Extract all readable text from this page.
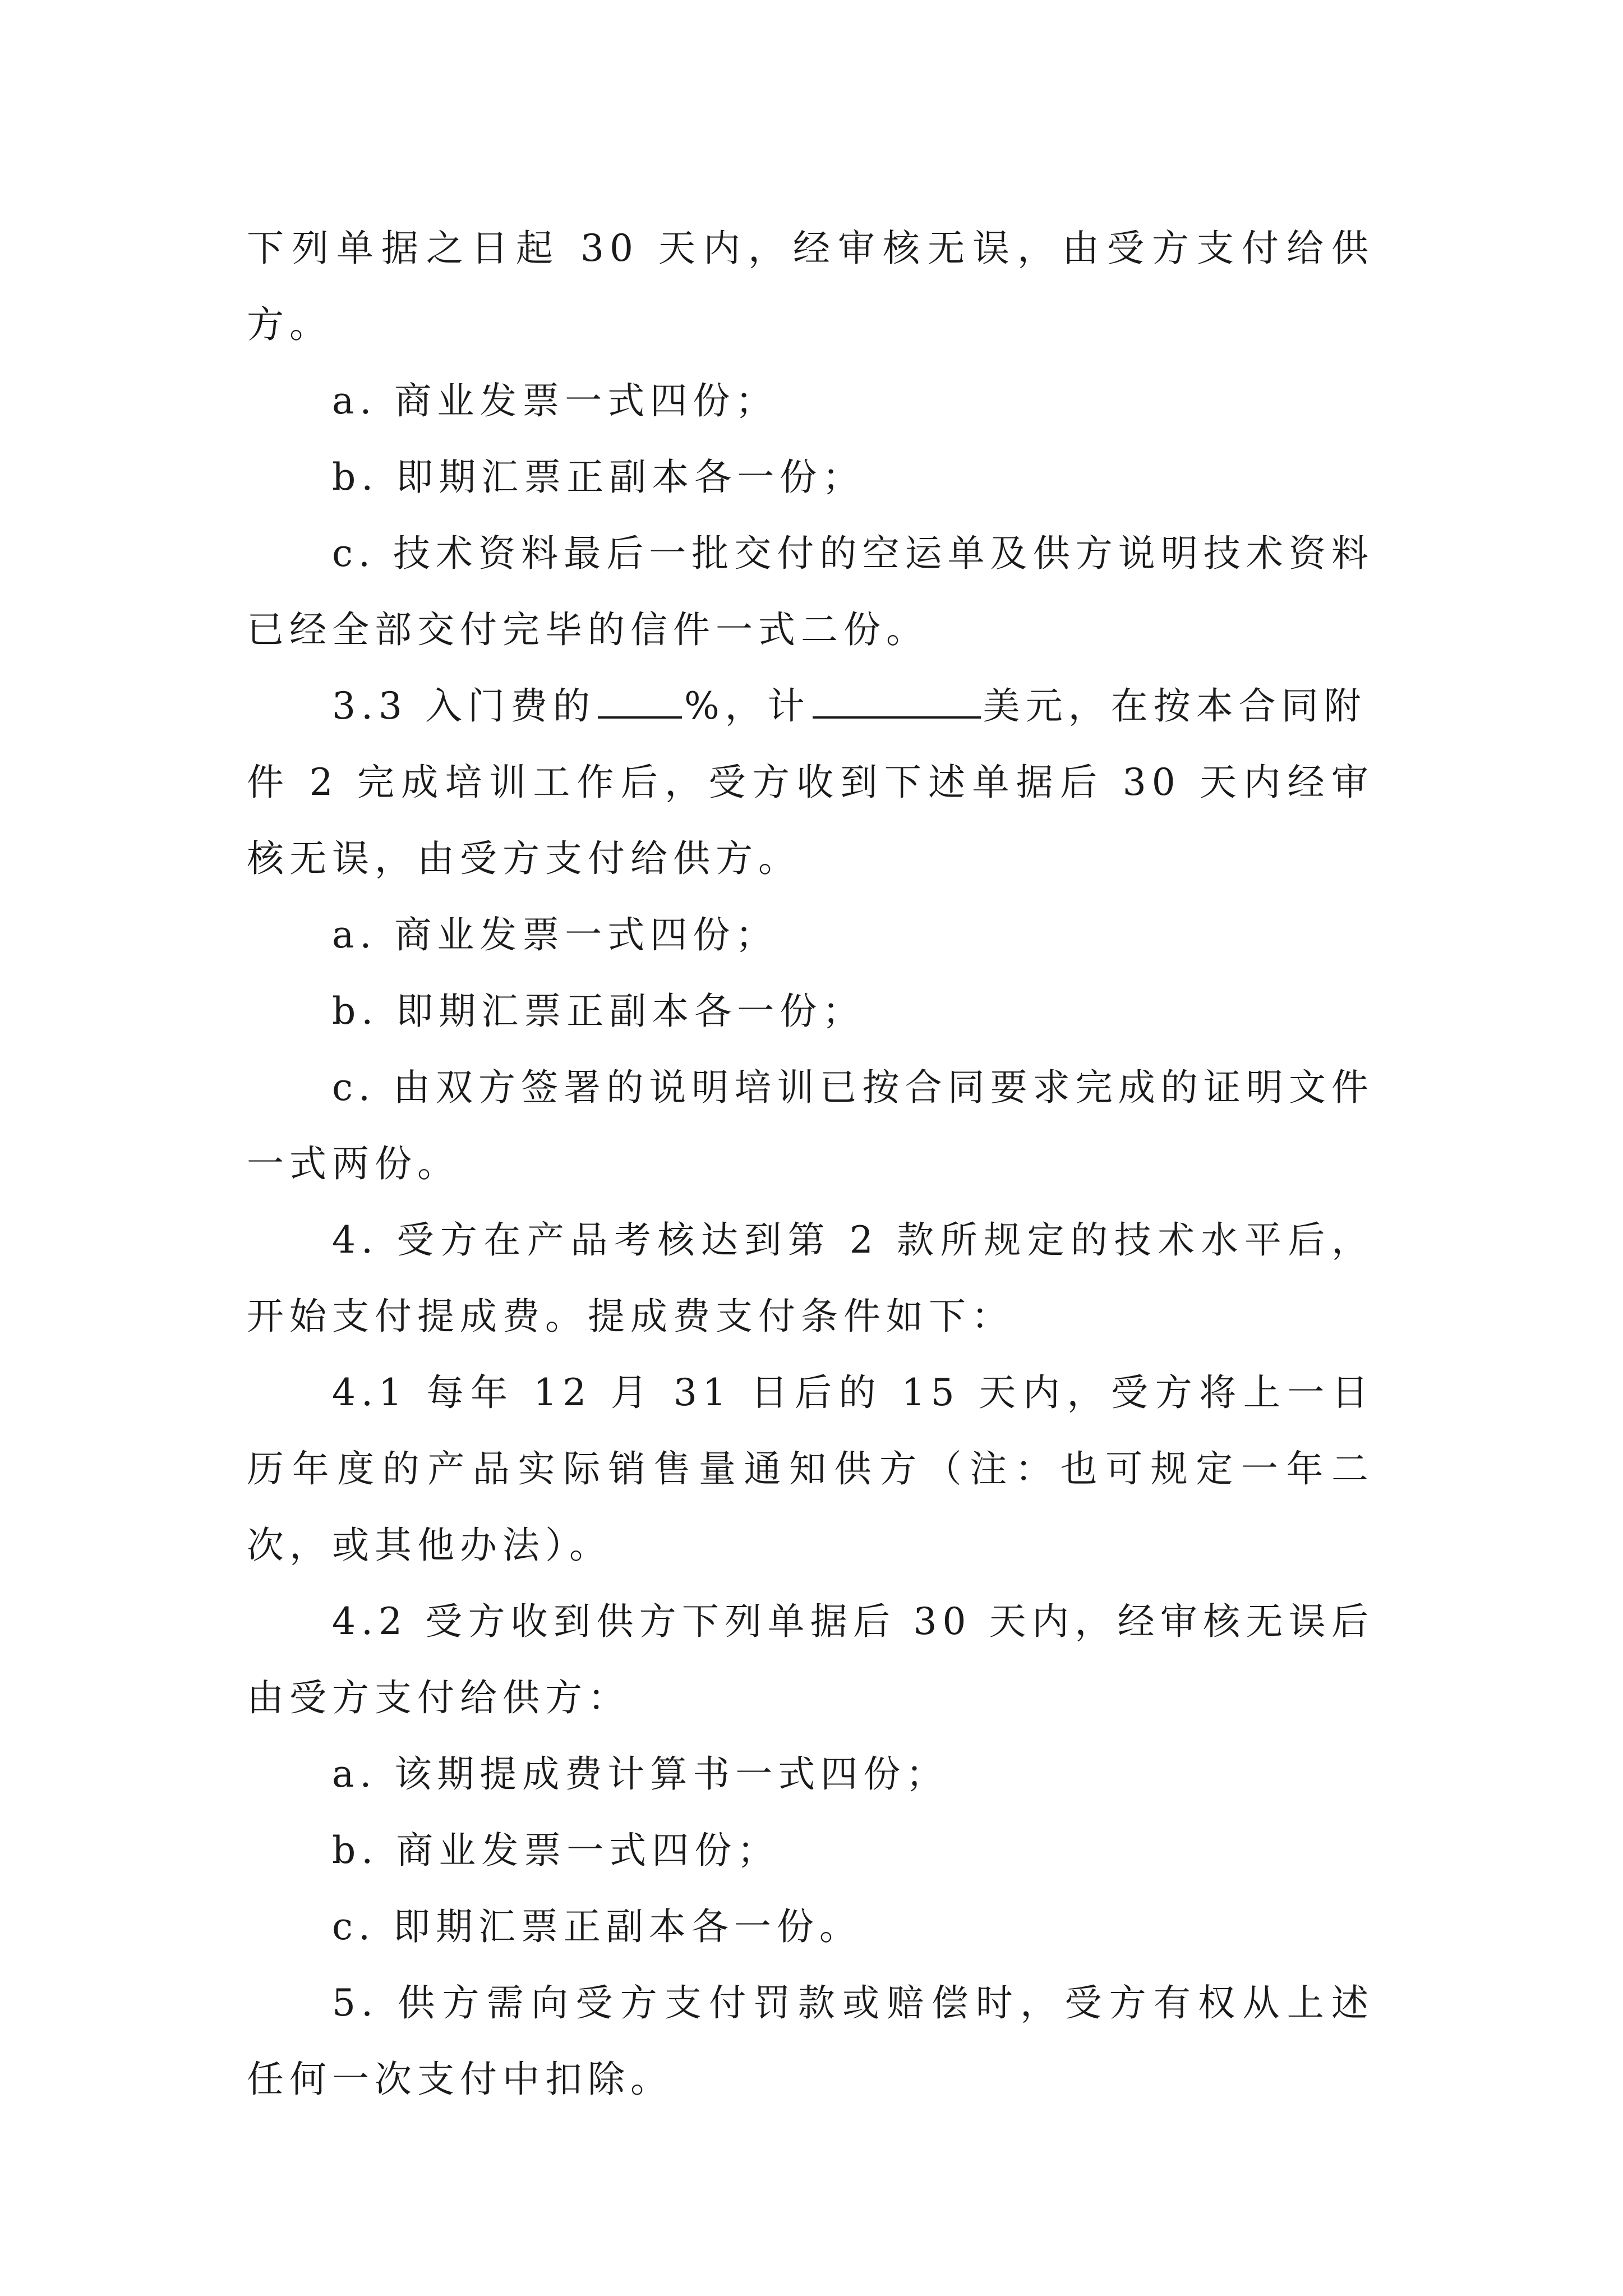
下列单据之日起 30 天内，经审核无误，由受方支付给供方。

a. 商业发票一式四份；

b. 即期汇票正副本各一份；

c. 技术资料最后一批交付的空运单及供方说明技术资料已经全部交付完毕的信件一式二份。

3.3 入门费的 %，计	美元，在按本合同附

件 2 完成培训工作后，受方收到下述单据后 30 天内经审核无误，由受方支付给供方。

a. 商业发票一式四份；

b. 即期汇票正副本各一份；

c. 由双方签署的说明培训已按合同要求完成的证明文件一式两份。

4. 受方在产品考核达到第 2 款所规定的技术水平后，开始支付提成费。提成费支付条件如下：

4.1 每年 12 月 31 日后的 15 天内，受方将上一日历年度的产品实际销售量通知供方（注：也可规定一年二次，或其他办法）。

4.2 受方收到供方下列单据后 30 天内，经审核无误后由受方支付给供方：

a. 该期提成费计算书一式四份；

b. 商业发票一式四份；

c. 即期汇票正副本各一份。

5. 供方需向受方支付罚款或赔偿时，受方有权从上述任何一次支付中扣除。
